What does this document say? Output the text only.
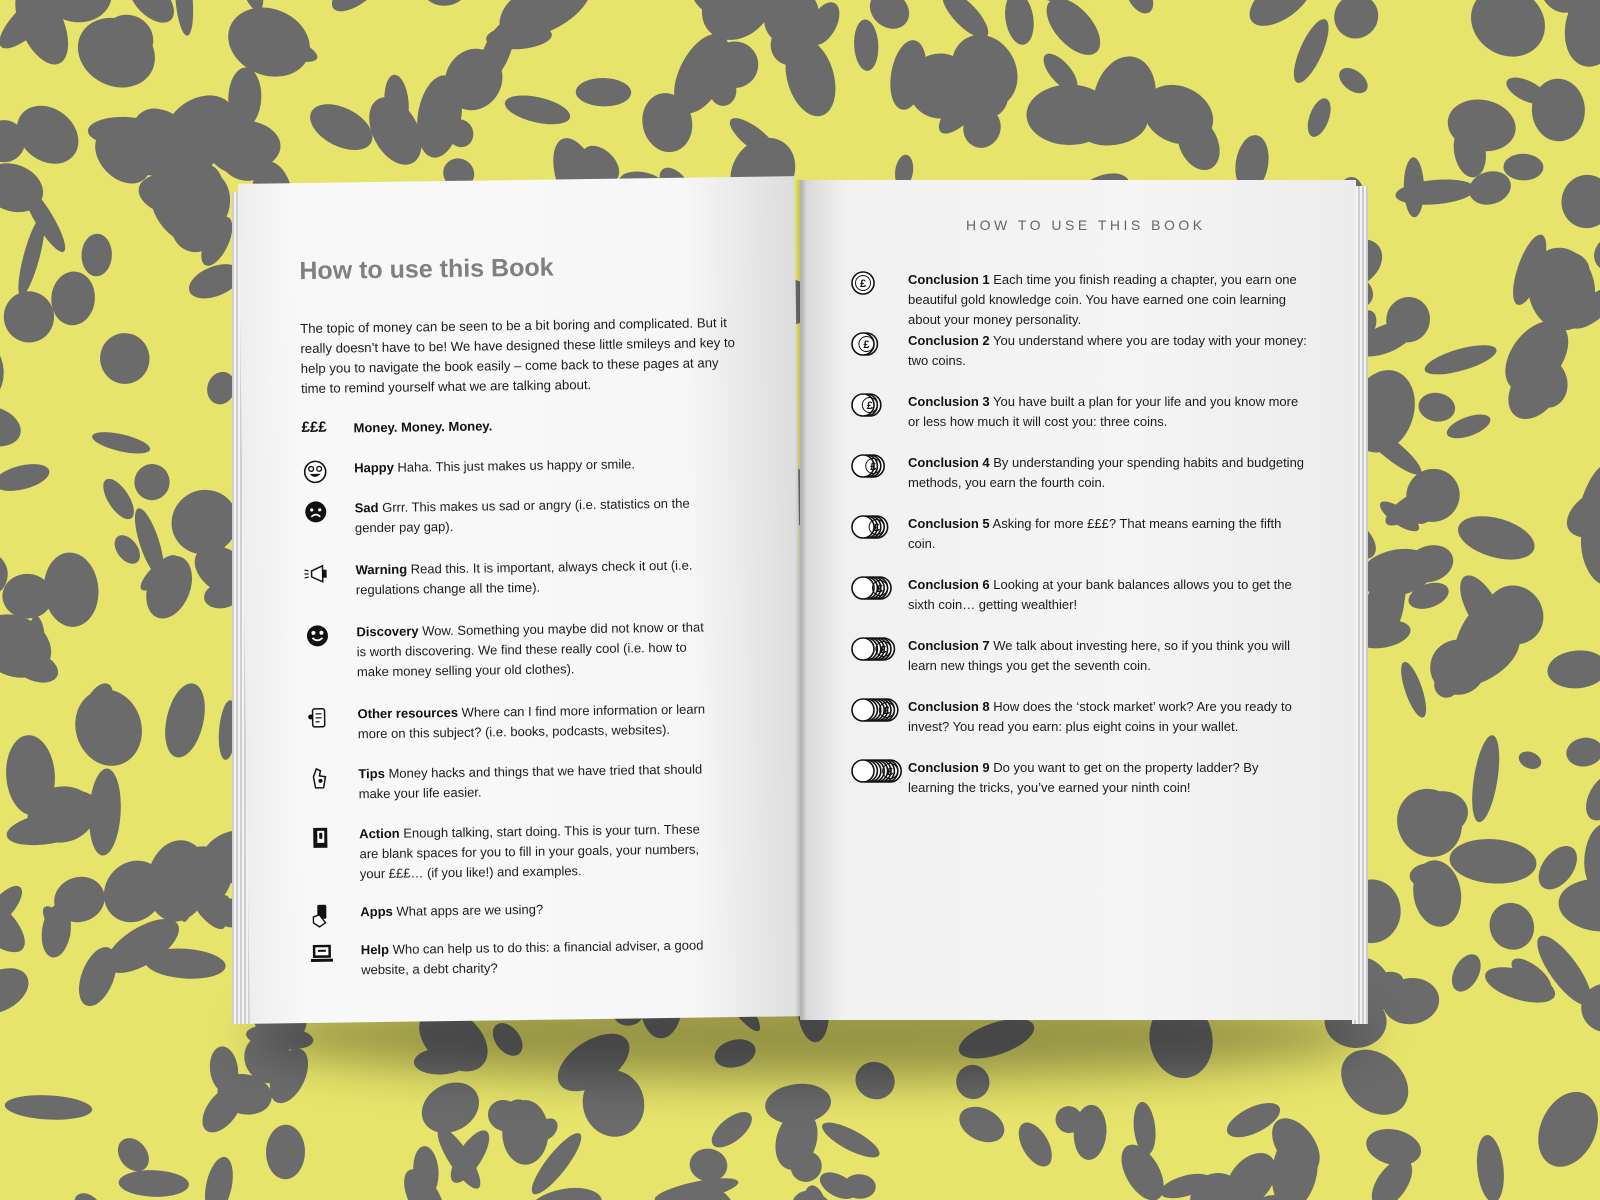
How to use this Book

The topic of money can be seen to be a bit boring and complicated. But it really doesn’t have to be! We have designed these little smileys and key to help you to navigate the book easily – come back to these pages at any time to remind yourself what we are talking about.

£££ Money. Money. Money.
Happy Haha. This just makes us happy or smile.
Sad Grrr. This makes us sad or angry (i.e. statistics on the gender pay gap).
Warning Read this. It is important, always check it out (i.e. regulations change all the time).
Discovery Wow. Something you maybe did not know or that is worth discovering. We find these really cool (i.e. how to make money selling your old clothes).
Other resources Where can I find more information or learn more on this subject? (i.e. books, podcasts, websites).
Tips Money hacks and things that we have tried that should make your life easier.
Action Enough talking, start doing. This is your turn. These are blank spaces for you to fill in your goals, your numbers, your £££… (if you like!) and examples.
Apps What apps are we using?
Help Who can help us to do this: a financial adviser, a good website, a debt charity?

HOW TO USE THIS BOOK

£	Conclusion 1 Each time you finish reading a chapter, you earn one beautiful gold knowledge coin. You have earned one coin learning about your money personality.
£	Conclusion 2 You understand where you are today with your money: two coins.
£	Conclusion 3 You have built a plan for your life and you know more or less how much it will cost you: three coins.
£ Conclusion 4 By understanding your spending habits and budgeting methods, you earn the fourth coin.
£ Conclusion 5 Asking for more £££? That means earning the fifth coin.
£ Conclusion 6 Looking at your bank balances allows you to get the sixth coin… getting wealthier!
£ Conclusion 7 We talk about investing here, so if you think you will learn new things you get the seventh coin.
£ Conclusion 8 How does the ‘stock market’ work? Are you ready to invest? You read you earn: plus eight coins in your wallet.
£ Conclusion 9 Do you want to get on the property ladder? By learning the tricks, you’ve earned your ninth coin!
